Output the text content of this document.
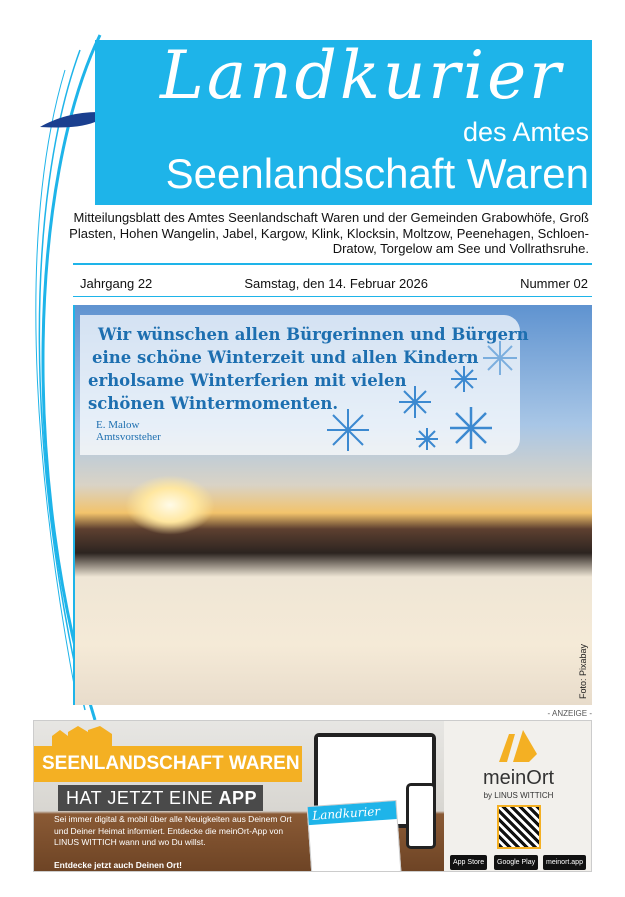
Landkurier
des Amtes
Seenlandschaft Waren
Mitteilungsblatt des Amtes Seenlandschaft Waren und der Gemeinden Grabowhöfe, Groß Plasten, Hohen Wangelin, Jabel, Kargow, Klink, Klocksin, Moltzow, Peenehagen, Schloen-Dratow, Torgelow am See und Vollrathsruhe.
Jahrgang 22	Samstag, den 14. Februar 2026	Nummer 02
Wir wünschen allen Bürgerinnen und Bürgern
eine schöne Winterzeit und allen Kindern
erholsame Winterferien mit vielen
schönen Wintermomenten.
E. Malow
Amtsvorsteher
Foto: Pixabay
- ANZEIGE -
Landkurier
SEENLANDSCHAFT WAREN
HAT JETZT EINE APP
Sei immer digital & mobil über alle Neuigkeiten aus Deinem Ort und Deiner Heimat informiert. Entdecke die meinOrt-App von LINUS WITTICH wann und wo Du willst.
Entdecke jetzt auch Deinen Ort!
meinOrt
by LINUS WITTICH
App Store	Google Play	meinort.app
